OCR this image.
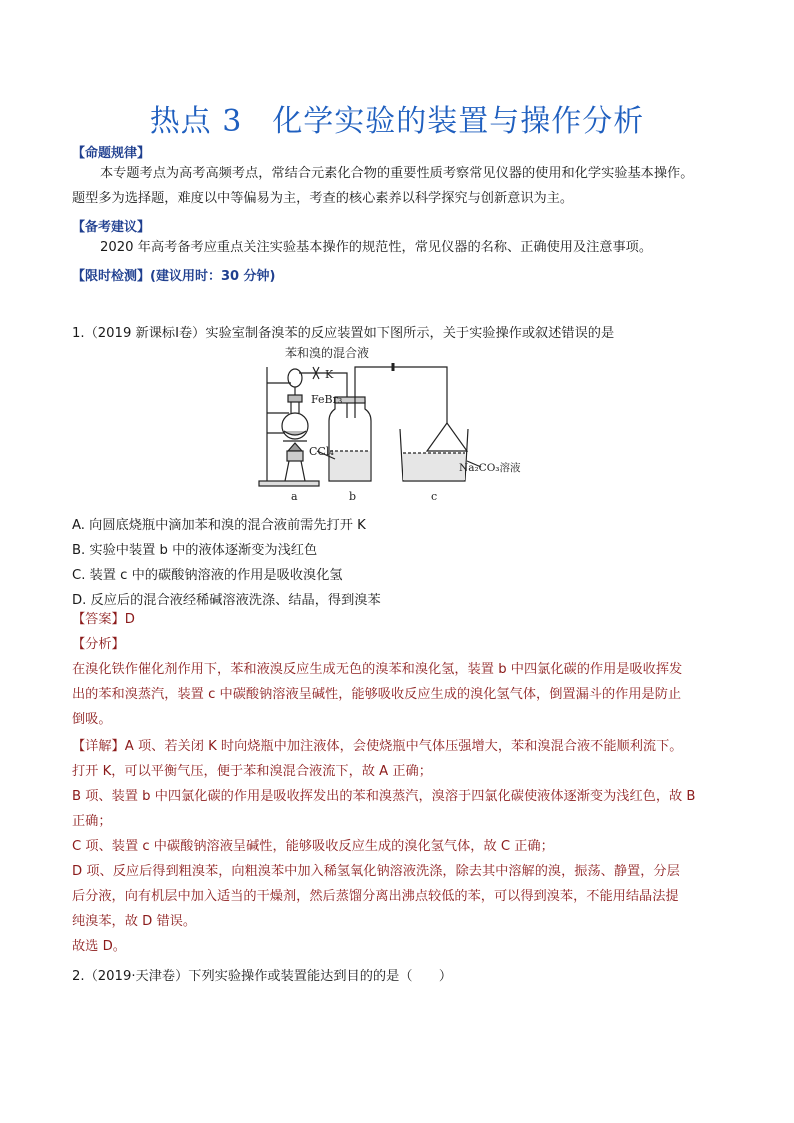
热点 3 化学实验的装置与操作分析
【命题规律】
本专题考点为高考高频考点，常结合元素化合物的重要性质考察常见仪器的使用和化学实验基本操作。
题型多为选择题，难度以中等偏易为主，考查的核心素养以科学探究与创新意识为主。
【备考建议】
2020 年高考备考应重点关注实验基本操作的规范性，常见仪器的名称、正确使用及注意事项。
【限时检测】(建议用时：30 分钟)
1.（2019 新课标Ⅰ卷）实验室制备溴苯的反应装置如下图所示，关于实验操作或叙述错误的是
苯和溴的混合液
K
FeBr₃
CCl₄
Na₂CO₃溶液
a	b	c
A. 向圆底烧瓶中滴加苯和溴的混合液前需先打开 K
B. 实验中装置 b 中的液体逐渐变为浅红色
C. 装置 c 中的碳酸钠溶液的作用是吸收溴化氢
D. 反应后的混合液经稀碱溶液洗涤、结晶，得到溴苯
【答案】D
【分析】
在溴化铁作催化剂作用下，苯和液溴反应生成无色的溴苯和溴化氢，装置 b 中四氯化碳的作用是吸收挥发
出的苯和溴蒸汽，装置 c 中碳酸钠溶液呈碱性，能够吸收反应生成的溴化氢气体，倒置漏斗的作用是防止
倒吸。
【详解】A 项、若关闭 K 时向烧瓶中加注液体，会使烧瓶中气体压强增大，苯和溴混合液不能顺利流下。
打开 K，可以平衡气压，便于苯和溴混合液流下，故 A 正确；
B 项、装置 b 中四氯化碳的作用是吸收挥发出的苯和溴蒸汽，溴溶于四氯化碳使液体逐渐变为浅红色，故 B
正确；
C 项、装置 c 中碳酸钠溶液呈碱性，能够吸收反应生成的溴化氢气体，故 C 正确；
D 项、反应后得到粗溴苯，向粗溴苯中加入稀氢氧化钠溶液洗涤，除去其中溶解的溴，振荡、静置，分层
后分液，向有机层中加入适当的干燥剂，然后蒸馏分离出沸点较低的苯，可以得到溴苯，不能用结晶法提
纯溴苯，故 D 错误。
故选 D。
2.（2019·天津卷）下列实验操作或装置能达到目的的是（　　）
